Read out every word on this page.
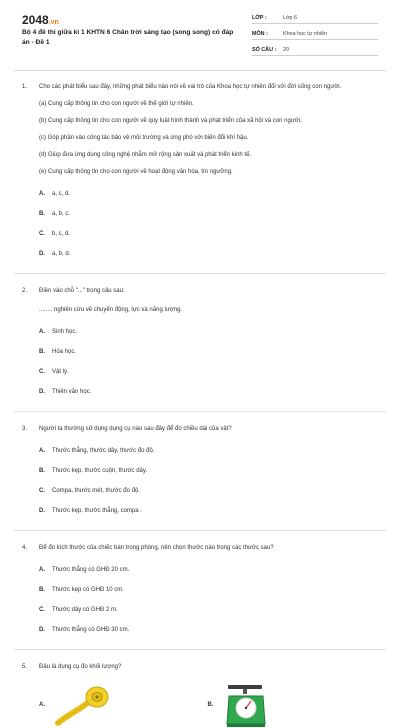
2048.vn
Bộ 4 đề thi giữa kì 1 KHTN 6 Chân trời sáng tạo (song song) có đáp án - Đề 1
LỚP :	Lớp 6
MÔN :	Khoa học tự nhiên
SỐ CÂU :	20
1. Cho các phát biểu sau đây, những phát biểu nào nói về vai trò của Khoa học tự nhiên đối với đời sống con người.

(a) Cung cấp thông tin cho con người về thế giới tự nhiên.
(b) Cung cấp thông tin cho con người về quy luật hình thành và phát triển của xã hội và con người.
(c) Góp phần vào công tác bảo vệ môi trường và ứng phó với biến đổi khí hậu.
(d) Giúp đưa ứng dụng công nghệ nhằm mở rộng sản xuất và phát triển kinh tế.
(e) Cung cấp thông tin cho con người về hoạt động văn hóa, tín ngưỡng.
A.	a, c, d.
B.	a, b, c.
C.	b, c, d.
D.	a, b, d.
2. Điền vào chỗ "..." trong câu sau:

........ nghiên cứu về chuyển động, lực và năng lượng.
A.	Sinh học.
B.	Hóa học.
C.	Vật lý.
D.	Thiên văn học.
3. Người ta thường sử dụng dụng cụ nào sau đây để đo chiều dài của vật?

A.	Thước thẳng, thước dây, thước đo độ.
B.	Thước kẹp, thước cuộn, thước dây.
C.	Compa, thước mét, thước đo độ.
D.	Thước kẹp, thước thẳng, compa .
4. Để đo kích thước của chiếc bàn trong phòng, nên chọn thước nào trong các thước sau?

A.	Thước thẳng có GHĐ 20 cm.
B.	Thước kẹp có GHĐ 10 cm.
C.	Thước dây có GHĐ 2 m.
D.	Thước thẳng có GHĐ 30 cm.
5. Đâu là dụng cụ đo khối lượng?

A.	B.
